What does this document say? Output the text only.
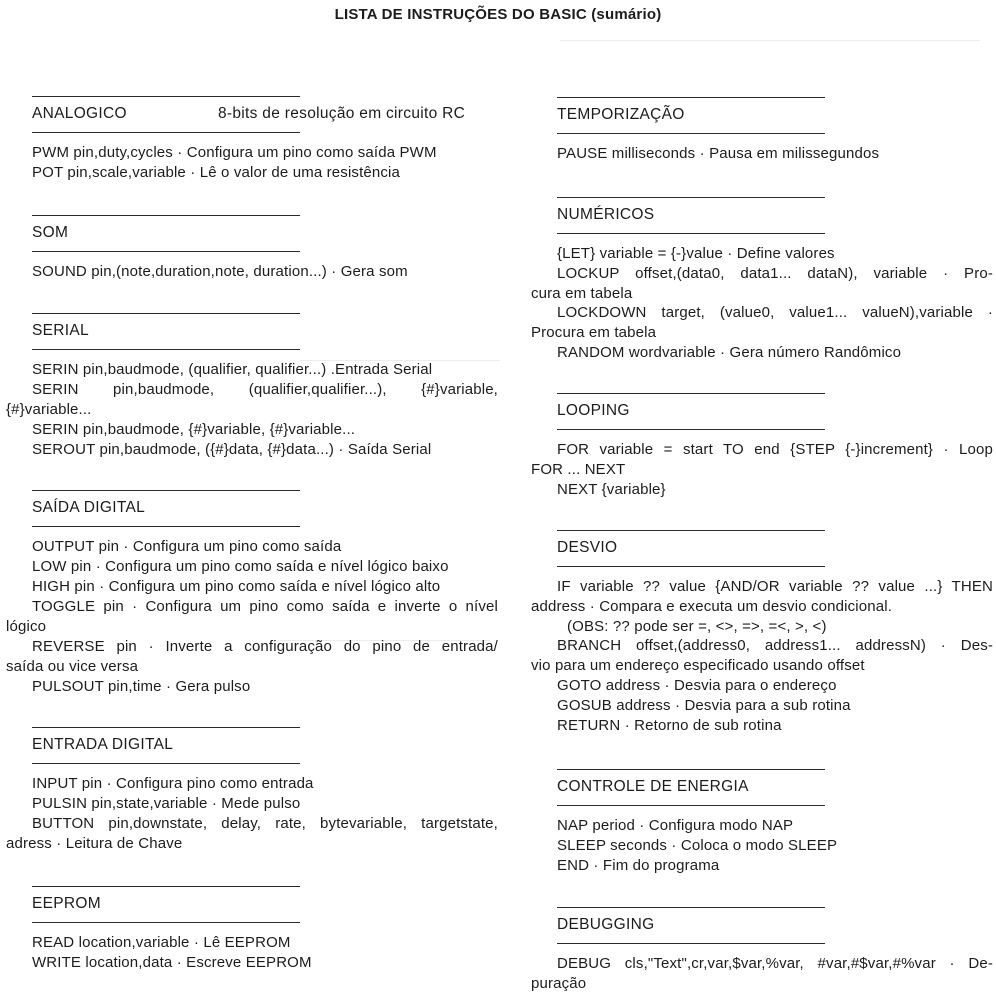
LISTA DE INSTRUÇÕES DO BASIC (sumário)
ANALOGICO	8-bits de resolução em circuito RC
PWM pin,duty,cycles · Configura um pino como saída PWM
POT pin,scale,variable · Lê o valor de uma resistência
SOM
SOUND pin,(note,duration,note, duration...) · Gera som
SERIAL
SERIN pin,baudmode, (qualifier, qualifier...) .Entrada Serial
SERIN pin,baudmode, (qualifier,qualifier...), {#}variable,
{#}variable...
SERIN pin,baudmode, {#}variable, {#}variable...
SEROUT pin,baudmode, ({#}data, {#}data...) · Saída Serial
SAÍDA DIGITAL
OUTPUT pin · Configura um pino como saída
LOW pin · Configura um pino como saída e nível lógico baixo
HIGH pin · Configura um pino como saída e nível lógico alto
TOGGLE pin · Configura um pino como saída e inverte o nível
lógico
REVERSE pin · Inverte a configuração do pino de entrada/
saída ou vice versa
PULSOUT pin,time · Gera pulso
ENTRADA DIGITAL
INPUT pin · Configura pino como entrada
PULSIN pin,state,variable · Mede pulso
BUTTON pin,downstate, delay, rate, bytevariable, targetstate,
adress · Leitura de Chave
EEPROM
READ location,variable · Lê EEPROM
WRITE location,data · Escreve EEPROM
TEMPORIZAÇÃO
PAUSE milliseconds · Pausa em milissegundos
NUMÉRICOS
{LET} variable = {-}value · Define valores
LOCKUP offset,(data0, data1... dataN), variable · Pro-
cura em tabela
LOCKDOWN target, (value0, value1... valueN),variable ·
Procura em tabela
RANDOM wordvariable · Gera número Randômico
LOOPING
FOR variable = start TO end {STEP {-}increment} · Loop
FOR ... NEXT
NEXT {variable}
DESVIO
IF variable ?? value {AND/OR variable ?? value ...} THEN
address · Compara e executa um desvio condicional.
(OBS: ?? pode ser =, <>, =>, =<, >, <)
BRANCH offset,(address0, address1... addressN) · Des-
vio para um endereço especificado usando offset
GOTO address · Desvia para o endereço
GOSUB address · Desvia para a sub rotina
RETURN · Retorno de sub rotina
CONTROLE DE ENERGIA
NAP period · Configura modo NAP
SLEEP seconds · Coloca o modo SLEEP
END · Fim do programa
DEBUGGING
DEBUG cls,"Text",cr,var,$var,%var, #var,#$var,#%var · De-
puração
